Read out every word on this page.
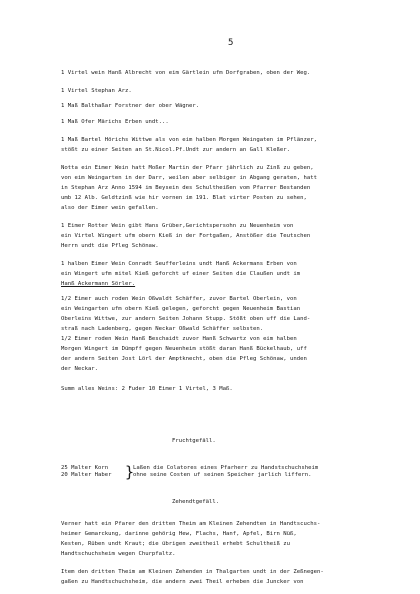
5
1 Virtel wein Hanß Albrecht von eim Gärtlein ufm Dorfgraben, oben der Weg.
1 Virtel Stephan Arz.
1 Maß Balthaßar Forstner der ober Wägner.
1 Maß Öfer Märichs Erben undt...
1 Maß Bartel Hörichs Wittwe als von eim halben Morgen Weingaten im Pflänzer,
stößt zu einer Seiten an St.Nicol.Pf.Undt zur andern an Gall Kleßer.
Notta ein Eimer Wein hatt Moßer Martin der Pfarr jährlich zu Zinß zu geben,
von eim Weingarten in der Darr, weilen aber selbiger in Abgang geraten, hatt
in Stephan Arz Anno 1594 im Beysein des Schultheißen vom Pfarrer Bestanden
umb 12 Alb. Geldtzinß wie hir vornen im 191. Blat virter Posten zu sehen,
also der Eimer wein gefallen.
1 Eimer Rotter Wein gibt Hans Grüber,Gerichtspersohn zu Neuenheim von
ein Virtel Wingert ufm obern Kieß in der Fortgaßen, Anstößer die Teutschen
Herrn undt die Pfleg Schönaw.
1 halben Eimer Wein Conradt Seufferleins undt Hanß Ackermans Erben von
ein Wingert ufm mitel Kieß geforcht uf einer Seiten die Claußen undt im
Hanß Ackermann Sörler.
1/2 Eimer auch roden Wein Oßwaldt Schäffer, zuvor Bartel Oberlein, von
ein Weingarten ufm obern Kieß gelegen, geforcht gegen Neuenheim Bastian
Oberleins Wittwe, zur andern Seiten Johann Stupp. Stößt oben uff die Land-
straß nach Ladenberg, gegen Neckar Oßwald Schäffer selbsten.
1/2 Eimer roden Wein Hanß Beschaidt zuvor Hanß Schwartz von eim halben
Morgen Wingert im Dümpff gegen Neuenheim stößt daran Hanß Bückelhaub, uff
der andern Seiten Jost Lörl der Amptknecht, oben die Pfleg Schönaw, unden
der Neckar.
Summ alles Weins: 2 Fuder 10 Eimer 1 Virtel, 3 Maß.
Fruchtgefäll.
25 Malter Korn
20 Malter Haber }
Laßen die Colatores eines Pfarherr zu Handstschuchsheim
ohne seine Costen uf seinen Speicher jarlich liffern.
Zehendtgefäll.
Verner hatt ein Pfarer den dritten Theim am Kleinen Zehendten in Handtscuchs-
heimer Gemarckung, darinne gehörig Hew, Flachs, Hanf, Äpfel, Birn Nüß,
Kesten, Rüben undt Kraut; die übrigen zweitheil erhebt Schultheiß zu
Handtschuchsheim wegen Churpfaltz.
Item den dritten Theim am Kleinen Zehenden in Thalgarten undt in der Zeßnegen-
gaßen zu Handtschuchsheim, die andern zwei Theil erheben die Juncker von
